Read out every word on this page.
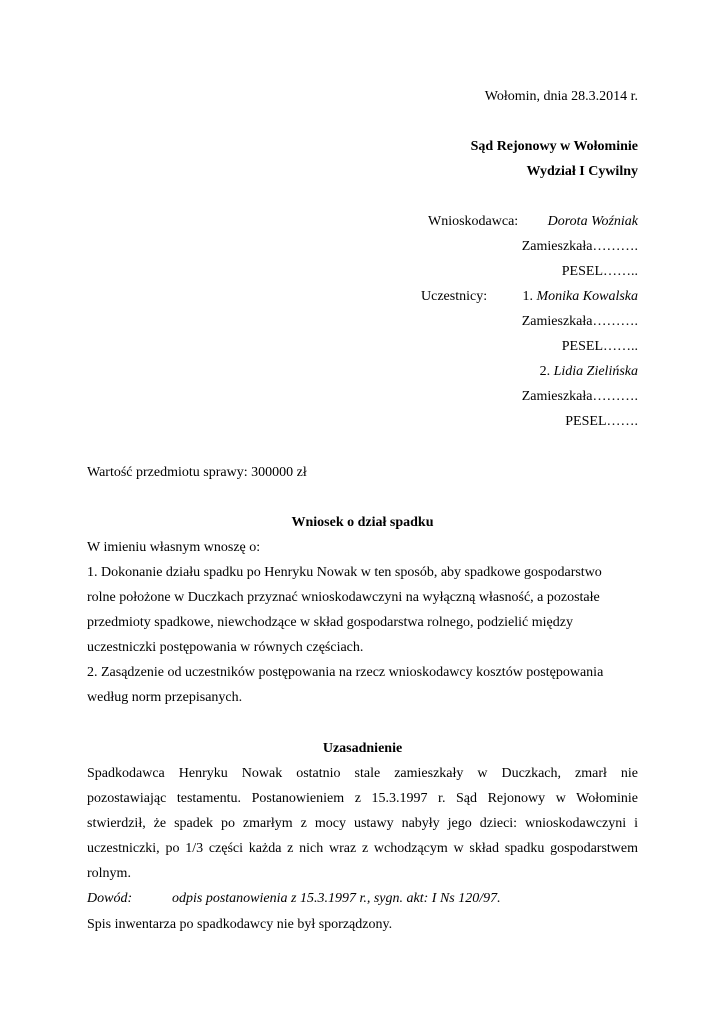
Wołomin, dnia 28.3.2014 r.
Sąd Rejonowy w Wołominie
Wydział I Cywilny
Wnioskodawca: Dorota Woźniak
Zamieszkała……….
PESEL……..
Uczestnicy:	1. Monika Kowalska
Zamieszkała……….
PESEL……..
2. Lidia Zielińska
Zamieszkała……….
PESEL…….
Wartość przedmiotu sprawy: 300000 zł
Wniosek o dział spadku
W imieniu własnym wnoszę o:
1. Dokonanie działu spadku po Henryku Nowak w ten sposób, aby spadkowe gospodarstwo
rolne położone w Duczkach przyznać wnioskodawczyni na wyłączną własność, a pozostałe
przedmioty spadkowe, niewchodzące w skład gospodarstwa rolnego, podzielić między
uczestniczki postępowania w równych częściach.
2. Zasądzenie od uczestników postępowania na rzecz wnioskodawcy kosztów postępowania
według norm przepisanych.
Uzasadnienie
Spadkodawca Henryku Nowak ostatnio stale zamieszkały w Duczkach, zmarł nie
pozostawiając testamentu. Postanowieniem z 15.3.1997 r. Sąd Rejonowy w Wołominie
stwierdził, że spadek po zmarłym z mocy ustawy nabyły jego dzieci: wnioskodawczyni i
uczestniczki, po 1/3 części każda z nich wraz z wchodzącym w skład spadku gospodarstwem
rolnym.
Dowód:	odpis postanowienia z 15.3.1997 r., sygn. akt: I Ns 120/97.
Spis inwentarza po spadkodawcy nie był sporządzony.
